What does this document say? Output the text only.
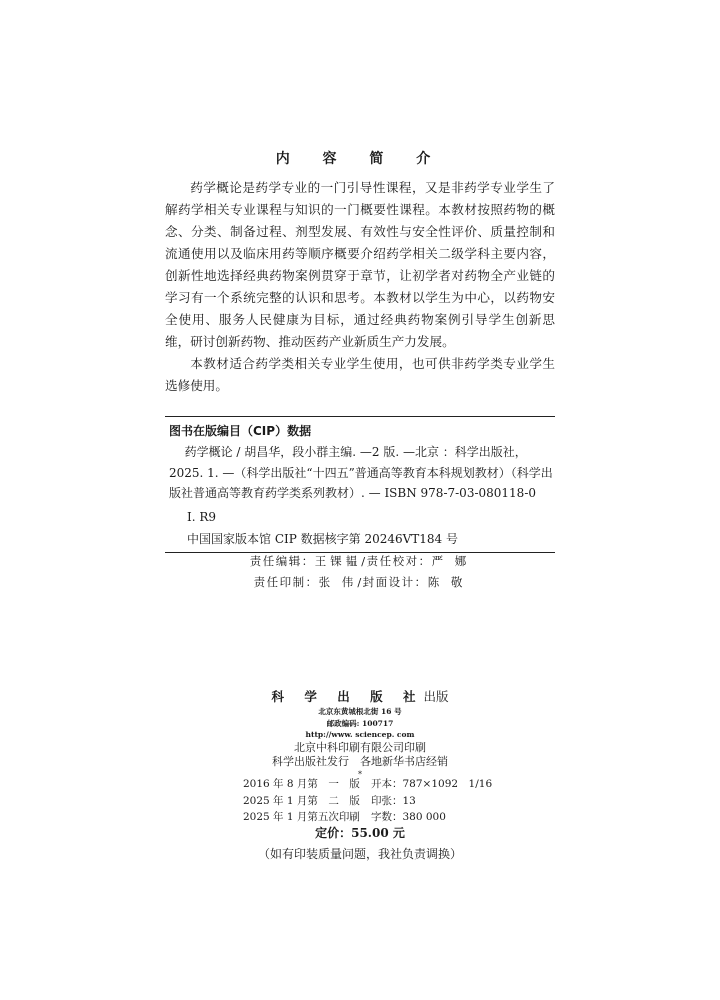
内 容 简 介

药学概论是药学专业的一门引导性课程，又是非药学专业学生了解药学相关专业课程与知识的一门概要性课程。本教材按照药物的概念、分类、制备过程、剂型发展、有效性与安全性评价、质量控制和流通使用以及临床用药等顺序概要介绍药学相关二级学科主要内容，创新性地选择经典药物案例贯穿于章节，让初学者对药物全产业链的学习有一个系统完整的认识和思考。本教材以学生为中心，以药物安全使用、服务人民健康为目标，通过经典药物案例引导学生创新思维，研讨创新药物、推动医药产业新质生产力发展。

本教材适合药学类相关专业学生使用，也可供非药学类专业学生选修使用。

图书在版编目（CIP）数据
药学概论 / 胡昌华，段小群主编. —2 版. —北京 ：科学出版社，
2025. 1. —（科学出版社“十四五”普通高等教育本科规划教材）（科学出版社普通高等教育药学类系列教材）. — ISBN 978-7-03-080118-0
Ⅰ. R9
中国国家版本馆 CIP 数据核字第 20246VT184 号
责任编辑：王锞韫/责任校对：严 娜
责任印制：张 伟/封面设计：陈 敬
科 学 出 版 社出版
北京东黄城根北街 16 号
邮政编码: 100717
http://www. sciencep. com
北京中科印刷有限公司印刷
科学出版社发行　各地新华书店经销
*
2016 年 8 月第　一　版 开本：787×1092　1/16
2025 年 1 月第　二　版 印张：13
2025 年 1 月第五次印刷 字数：380 000
定价：55.00 元
（如有印装质量问题，我社负责调换）
